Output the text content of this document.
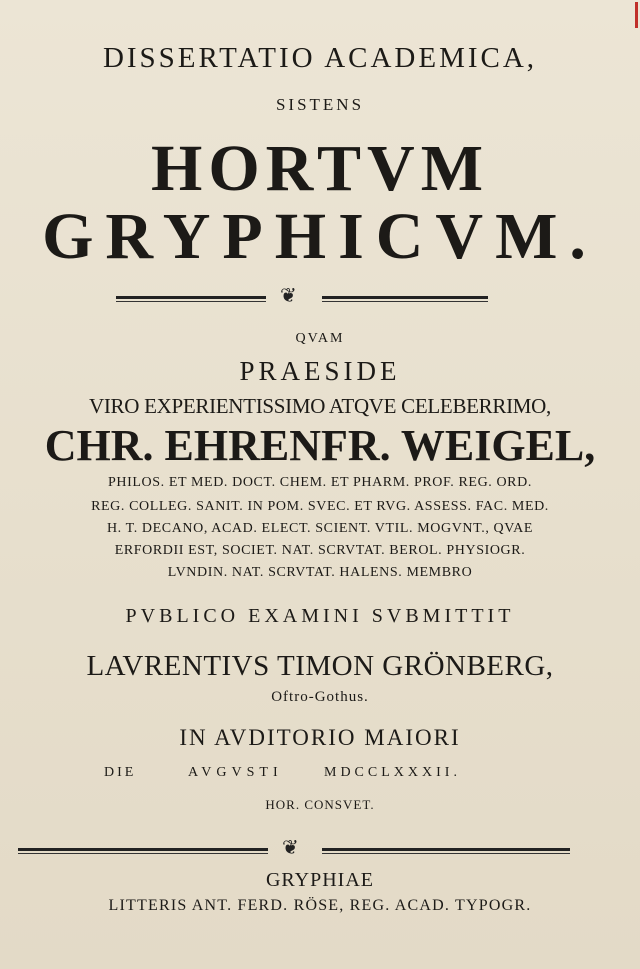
DISSERTATIO ACADEMICA,
SISTENS
HORTVM
GRYPHICVM.
❦
QVAM
PRAESIDE
VIRO EXPERIENTISSIMO ATQVE CELEBERRIMO,
CHR. EHRENFR. WEIGEL,
PHILOS. ET MED. DOCT. CHEM. ET PHARM. PROF. REG. ORD.
REG. COLLEG. SANIT. IN POM. SVEC. ET RVG. ASSESS. FAC. MED.
H. T. DECANO, ACAD. ELECT. SCIENT. VTIL. MOGVNT., QVAE
ERFORDII EST, SOCIET. NAT. SCRVTAT. BEROL. PHYSIOGR.
LVNDIN. NAT. SCRVTAT. HALENS. MEMBRO
PVBLICO EXAMINI SVBMITTIT
LAVRENTIVS TIMON GRÖNBERG,
Oftro-Gothus.
IN AVDITORIO MAIORI
DIE	AVGVSTI	MDCCLXXXII.
HOR. CONSVET.
❦
GRYPHIAE
LITTERIS ANT. FERD. RÖSE, REG. ACAD. TYPOGR.
